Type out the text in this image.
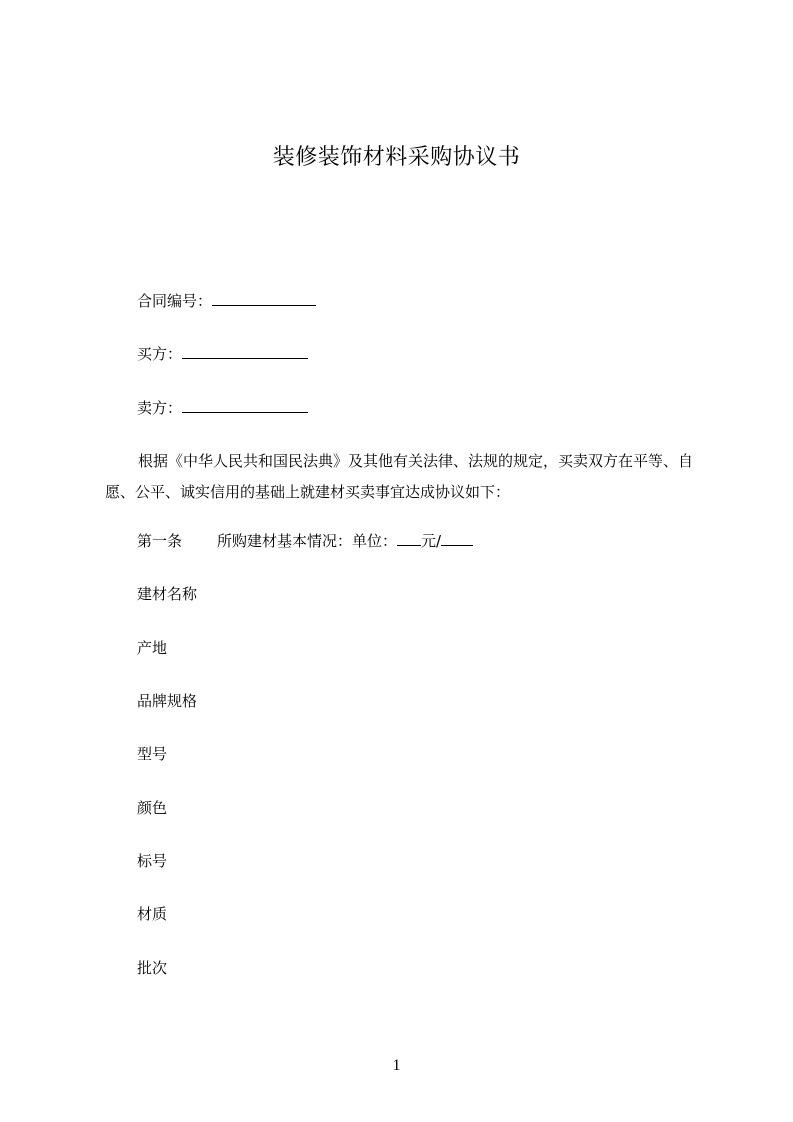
装修装饰材料采购协议书
合同编号：
买方：
卖方：
根据《中华人民共和国民法典》及其他有关法律、法规的规定，买卖双方在平等、自愿、公平、诚实信用的基础上就建材买卖事宜达成协议如下：
第一条 所购建材基本情况：单位： 元/
建材名称
产地
品牌规格
型号
颜色
标号
材质
批次
1
